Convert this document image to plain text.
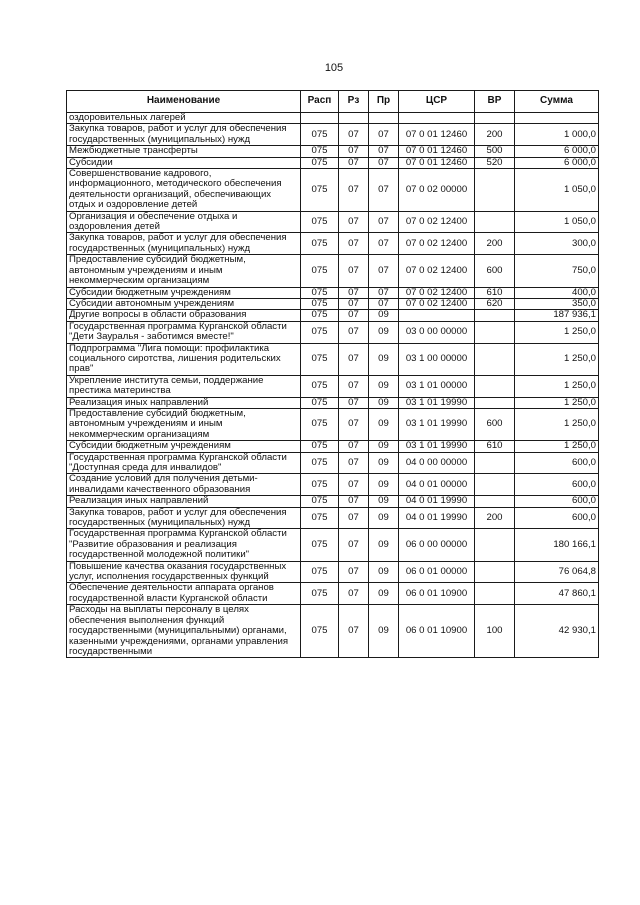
105
Наименование	Расп	Рз	Пр	ЦСР	ВР	Сумма
оздоровительных лагерей						
Закупка товаров, работ и услуг для обеспечения государственных (муниципальных) нужд	075	07	07	07 0 01 12460	200	1 000,0
Межбюджетные трансферты	075	07	07	07 0 01 12460	500	6 000,0
Субсидии	075	07	07	07 0 01 12460	520	6 000,0
Совершенствование кадрового, информационного, методического обеспечения деятельности организаций, обеспечивающих отдых и оздоровление детей	075	07	07	07 0 02 00000		1 050,0
Организация и обеспечение отдыха и оздоровления детей	075	07	07	07 0 02 12400		1 050,0
Закупка товаров, работ и услуг для обеспечения государственных (муниципальных) нужд	075	07	07	07 0 02 12400	200	300,0
Предоставление субсидий бюджетным, автономным учреждениям и иным некоммерческим организациям	075	07	07	07 0 02 12400	600	750,0
Субсидии бюджетным учреждениям	075	07	07	07 0 02 12400	610	400,0
Субсидии автономным учреждениям	075	07	07	07 0 02 12400	620	350,0
Другие вопросы в области образования	075	07	09			187 936,1
Государственная программа Курганской области "Дети Зауралья - заботимся вместе!"	075	07	09	03 0 00 00000		1 250,0
Подпрограмма "Лига помощи: профилактика социального сиротства, лишения родительских прав"	075	07	09	03 1 00 00000		1 250,0
Укрепление института семьи, поддержание престижа материнства	075	07	09	03 1 01 00000		1 250,0
Реализация иных направлений	075	07	09	03 1 01 19990		1 250,0
Предоставление субсидий бюджетным, автономным учреждениям и иным некоммерческим организациям	075	07	09	03 1 01 19990	600	1 250,0
Субсидии бюджетным учреждениям	075	07	09	03 1 01 19990	610	1 250,0
Государственная программа Курганской области "Доступная среда для инвалидов"	075	07	09	04 0 00 00000		600,0
Создание условий для получения детьми-инвалидами качественного образования	075	07	09	04 0 01 00000		600,0
Реализация иных направлений	075	07	09	04 0 01 19990		600,0
Закупка товаров, работ и услуг для обеспечения государственных (муниципальных) нужд	075	07	09	04 0 01 19990	200	600,0
Государственная программа Курганской области "Развитие образования и реализация государственной молодежной политики"	075	07	09	06 0 00 00000		180 166,1
Повышение качества оказания государственных услуг, исполнения государственных функций	075	07	09	06 0 01 00000		76 064,8
Обеспечение деятельности аппарата органов государственной власти Курганской области	075	07	09	06 0 01 10900		47 860,1
Расходы на выплаты персоналу в целях обеспечения выполнения функций государственными (муниципальными) органами, казенными учреждениями, органами управления государственными	075	07	09	06 0 01 10900	100	42 930,1
